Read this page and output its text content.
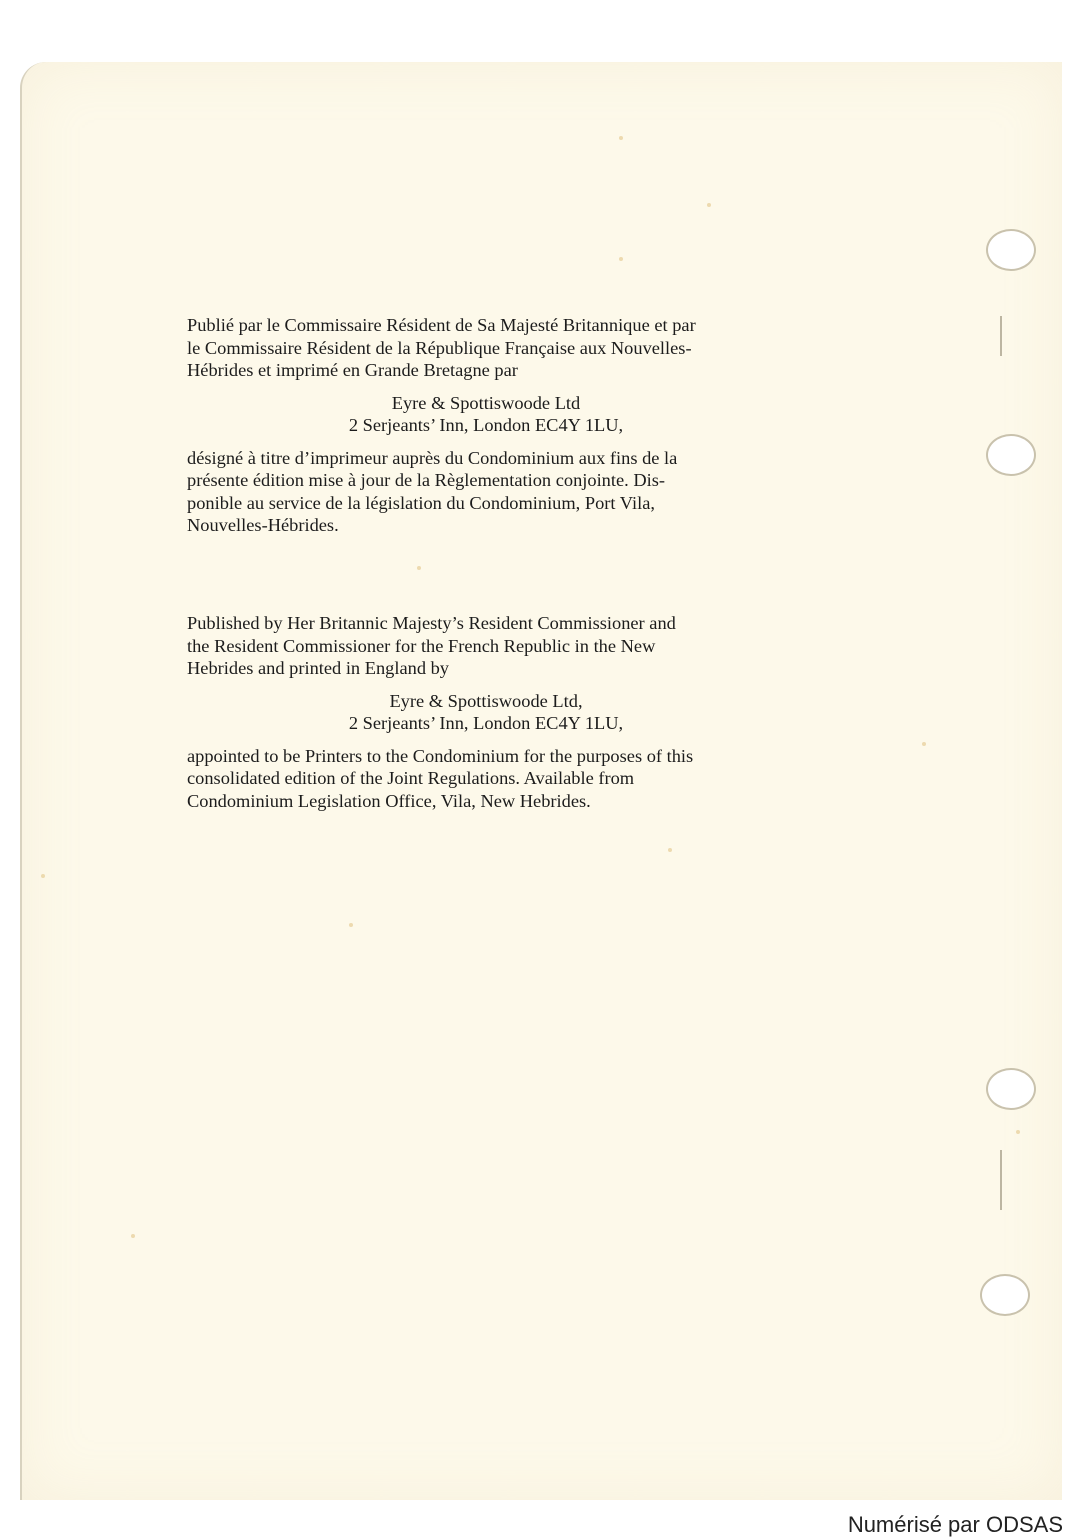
Publié par le Commissaire Résident de Sa Majesté Britannique et par
le Commissaire Résident de la République Française aux Nouvelles-
Hébrides et imprimé en Grande Bretagne par

Eyre & Spottiswoode Ltd
2 Serjeants’ Inn, London EC4Y 1LU,

désigné à titre d’imprimeur auprès du Condominium aux fins de la
présente édition mise à jour de la Règlementation conjointe. Dis-
ponible au service de la législation du Condominium, Port Vila,
Nouvelles-Hébrides.

Published by Her Britannic Majesty’s Resident Commissioner and
the Resident Commissioner for the French Republic in the New
Hebrides and printed in England by

Eyre & Spottiswoode Ltd,
2 Serjeants’ Inn, London EC4Y 1LU,

appointed to be Printers to the Condominium for the purposes of this
consolidated edition of the Joint Regulations. Available from
Condominium Legislation Office, Vila, New Hebrides.

Numérisé par ODSAS
